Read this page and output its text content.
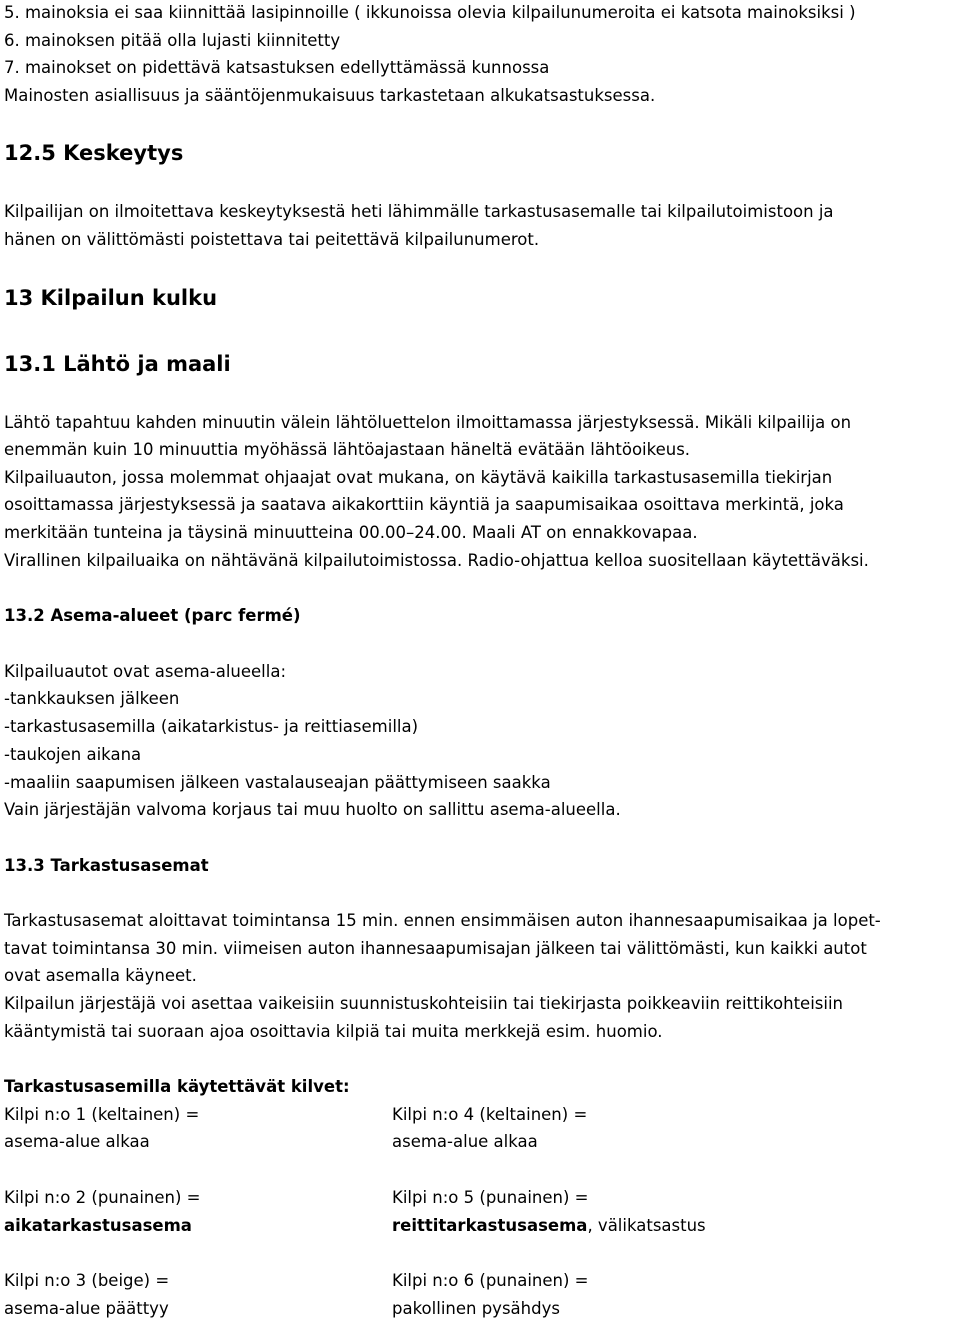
5. mainoksia ei saa kiinnittää lasipinnoille ( ikkunoissa olevia kilpailunumeroita ei katsota mainoksiksi )
6. mainoksen pitää olla lujasti kiinnitetty
7. mainokset on pidettävä katsastuksen edellyttämässä kunnossa
Mainosten asiallisuus ja sääntöjenmukaisuus tarkastetaan alkukatsastuksessa.
12.5 Keskeytys
Kilpailijan on ilmoitettava keskeytyksestä heti lähimmälle tarkastusasemalle tai kilpailutoimistoon ja
hänen on välittömästi poistettava tai peitettävä kilpailunumerot.
13 Kilpailun kulku
13.1 Lähtö ja maali
Lähtö tapahtuu kahden minuutin välein lähtöluettelon ilmoittamassa järjestyksessä. Mikäli kilpailija on
enemmän kuin 10 minuuttia myöhässä lähtöajastaan häneltä evätään lähtöoikeus.
Kilpailuauton, jossa molemmat ohjaajat ovat mukana, on käytävä kaikilla tarkastusasemilla tiekirjan
osoittamassa järjestyksessä ja saatava aikakorttiin käyntiä ja saapumisaikaa osoittava merkintä, joka
merkitään tunteina ja täysinä minuutteina 00.00–24.00. Maali AT on ennakkovapaa.
Virallinen kilpailuaika on nähtävänä kilpailutoimistossa. Radio-ohjattua kelloa suositellaan käytettäväksi.
13.2 Asema-alueet (parc fermé)
Kilpailuautot ovat asema-alueella:
-tankkauksen jälkeen
-tarkastusasemilla (aikatarkistus- ja reittiasemilla)
-taukojen aikana
-maaliin saapumisen jälkeen vastalauseajan päättymiseen saakka
Vain järjestäjän valvoma korjaus tai muu huolto on sallittu asema-alueella.
13.3 Tarkastusasemat
Tarkastusasemat aloittavat toimintansa 15 min. ennen ensimmäisen auton ihannesaapumisaikaa ja lopet-
tavat toimintansa 30 min. viimeisen auton ihannesaapumisajan jälkeen tai välittömästi, kun kaikki autot
ovat asemalla käyneet.
Kilpailun järjestäjä voi asettaa vaikeisiin suunnistuskohteisiin tai tiekirjasta poikkeaviin reittikohteisiin
kääntymistä tai suoraan ajoa osoittavia kilpiä tai muita merkkejä esim. huomio.
Tarkastusasemilla käytettävät kilvet:
Kilpi n:o 1 (keltainen) =
asema-alue alkaa
Kilpi n:o 4 (keltainen) =
asema-alue alkaa
Kilpi n:o 2 (punainen) =
aikatarkastusasema
Kilpi n:o 5 (punainen) =
reittitarkastusasema, välikatsastus
Kilpi n:o 3 (beige) =
asema-alue päättyy
Kilpi n:o 6 (punainen) =
pakollinen pysähdys
